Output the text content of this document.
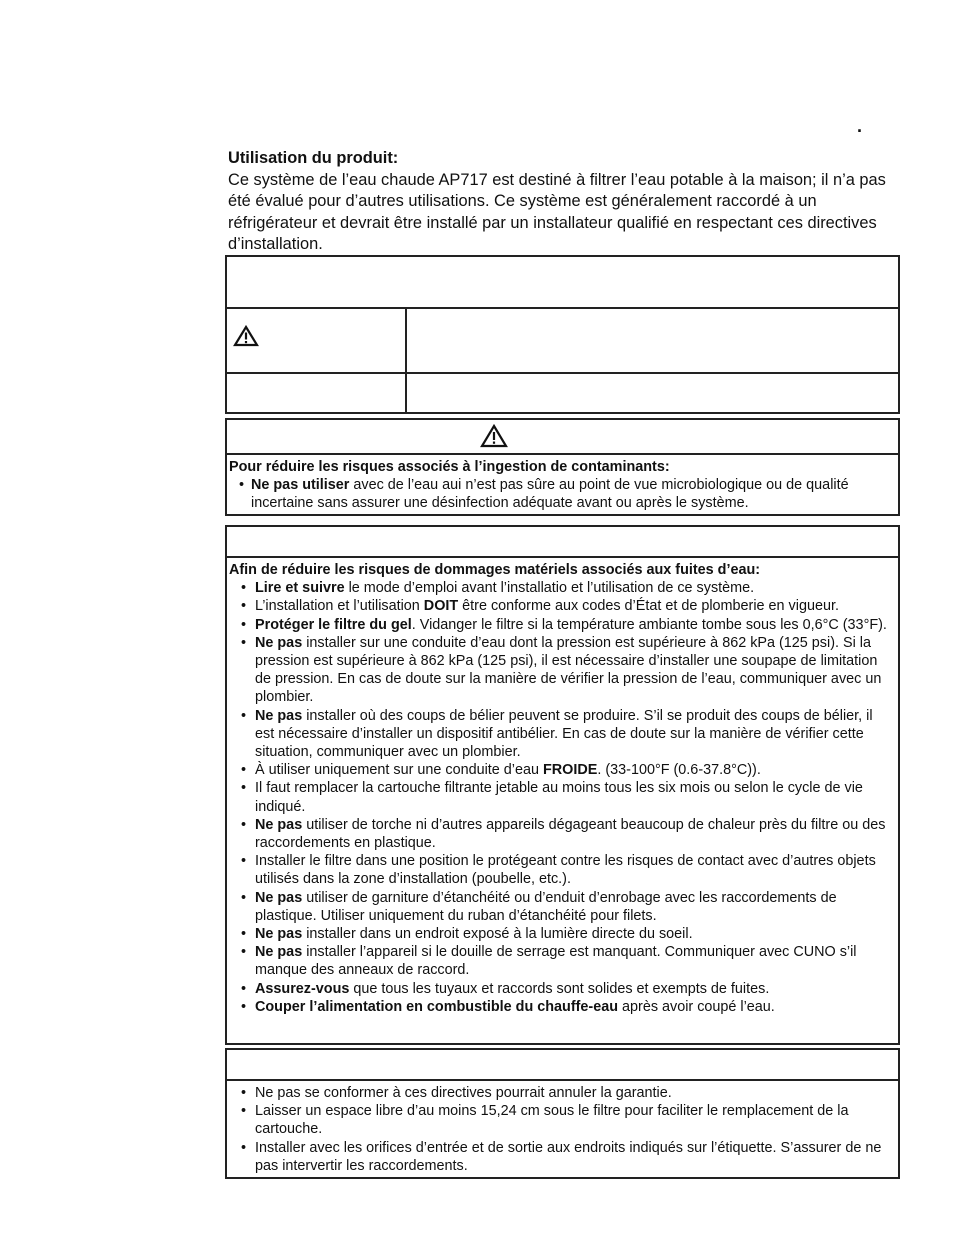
.
Utilisation du produit:
Ce système de l’eau chaude AP717 est destiné à filtrer l’eau potable à la maison; il n’a pas été évalué pour d’autres utilisations. Ce système est généralement raccordé à un réfrigérateur et devrait être installé par un installateur qualifié en respectant ces directives d’installation.
Pour réduire les risques associés à l’ingestion de contaminants:
• Ne pas utiliser avec de l’eau aui n’est pas sûre au point de vue microbiologique ou de qualité incertaine sans assurer une désinfection adéquate avant ou après le système.
Afin de réduire les risques de dommages matériels associés aux fuites d’eau:
• Lire et suivre le mode d’emploi avant l’installatio et l’utilisation de ce système.
• L’installation et l’utilisation DOIT être conforme aux codes d’État et de plomberie en vigueur.
• Protéger le filtre du gel. Vidanger le filtre si la température ambiante tombe sous les 0,6°C (33°F).
• Ne pas installer sur une conduite d’eau dont la pression est supérieure à 862 kPa (125 psi). Si la pression est supérieure à 862 kPa (125 psi), il est nécessaire d’installer une soupape de limitation de pression. En cas de doute sur la manière de vérifier la pression de l’eau, communiquer avec un plombier.
• Ne pas installer où des coups de bélier peuvent se produire. S’il se produit des coups de bélier, il est nécessaire d’installer un dispositif antibélier. En cas de doute sur la manière de vérifier cette situation, communiquer avec un plombier.
• À utiliser uniquement sur une conduite d’eau FROIDE. (33-100°F (0.6-37.8°C)).
• Il faut remplacer la cartouche filtrante jetable au moins tous les six mois ou selon le cycle de vie indiqué.
• Ne pas utiliser de torche ni d’autres appareils dégageant beaucoup de chaleur près du filtre ou des raccordements en plastique.
• Installer le filtre dans une position le protégeant contre les risques de contact avec d’autres objets utilisés dans la zone d’installation (poubelle, etc.).
• Ne pas utiliser de garniture d’étanchéité ou d’enduit d’enrobage avec les raccordements de plastique. Utiliser uniquement du ruban d’étanchéité pour filets.
• Ne pas installer dans un endroit exposé à la lumière directe du soeil.
• Ne pas installer l’appareil si le douille de serrage est manquant. Communiquer avec CUNO s’il manque des anneaux de raccord.
• Assurez-vous que tous les tuyaux et raccords sont solides et exempts de fuites.
• Couper l’alimentation en combustible du chauffe-eau après avoir coupé l’eau.
• Ne pas se conformer à ces directives pourrait annuler la garantie.
• Laisser un espace libre d’au moins 15,24 cm sous le filtre pour faciliter le remplacement de la cartouche.
• Installer avec les orifices d’entrée et de sortie aux endroits indiqués sur l’étiquette. S’assurer de ne pas intervertir les raccordements.
